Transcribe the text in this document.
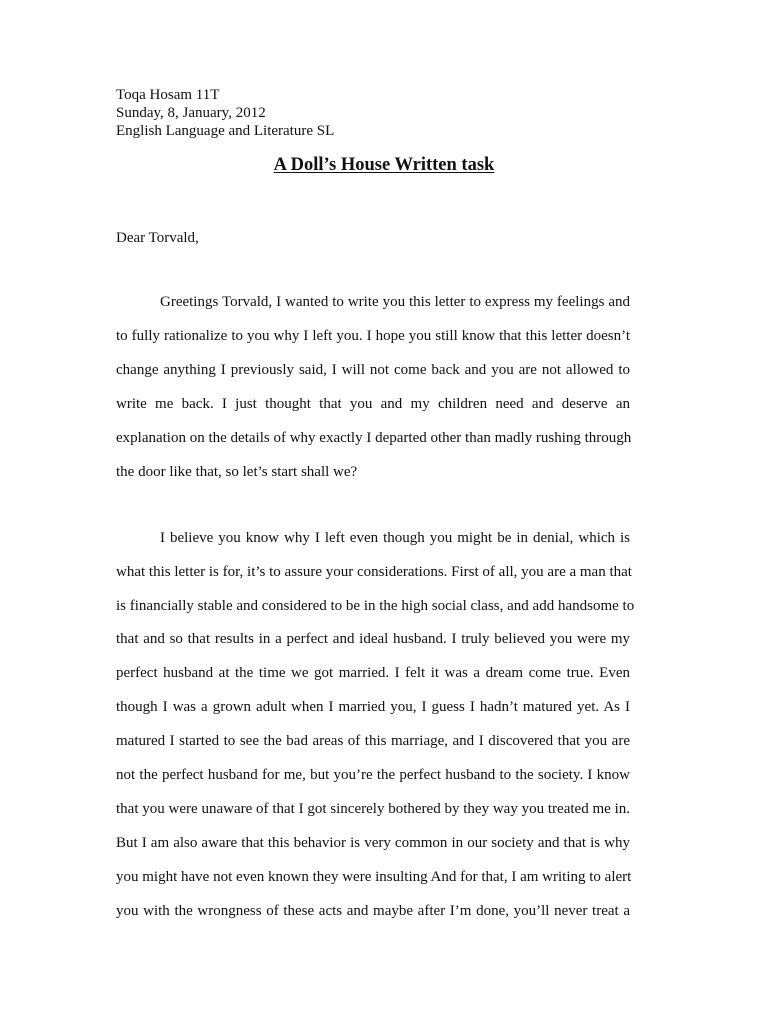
Toqa Hosam 11T
Sunday, 8, January, 2012
English Language and Literature SL
A Doll’s House Written task
Dear Torvald,
Greetings Torvald, I wanted to write you this letter to express my feelings and
to fully rationalize to you why I left you. I hope you still know that this letter doesn’t
change anything I previously said, I will not come back and you are not allowed to
write me back. I just thought that you and my children need and deserve an
explanation on the details of why exactly I departed other than madly rushing through
the door like that, so let’s start shall we?
I believe you know why I left even though you might be in denial, which is
what this letter is for, it’s to assure your considerations. First of all, you are a man that
is financially stable and considered to be in the high social class, and add handsome to
that and so that results in a perfect and ideal husband. I truly believed you were my
perfect husband at the time we got married. I felt it was a dream come true. Even
though I was a grown adult when I married you, I guess I hadn’t matured yet. As I
matured I started to see the bad areas of this marriage, and I discovered that you are
not the perfect husband for me, but you’re the perfect husband to the society. I know
that you were unaware of that I got sincerely bothered by they way you treated me in.
But I am also aware that this behavior is very common in our society and that is why
you might have not even known they were insulting And for that, I am writing to alert
you with the wrongness of these acts and maybe after I’m done, you’ll never treat a
